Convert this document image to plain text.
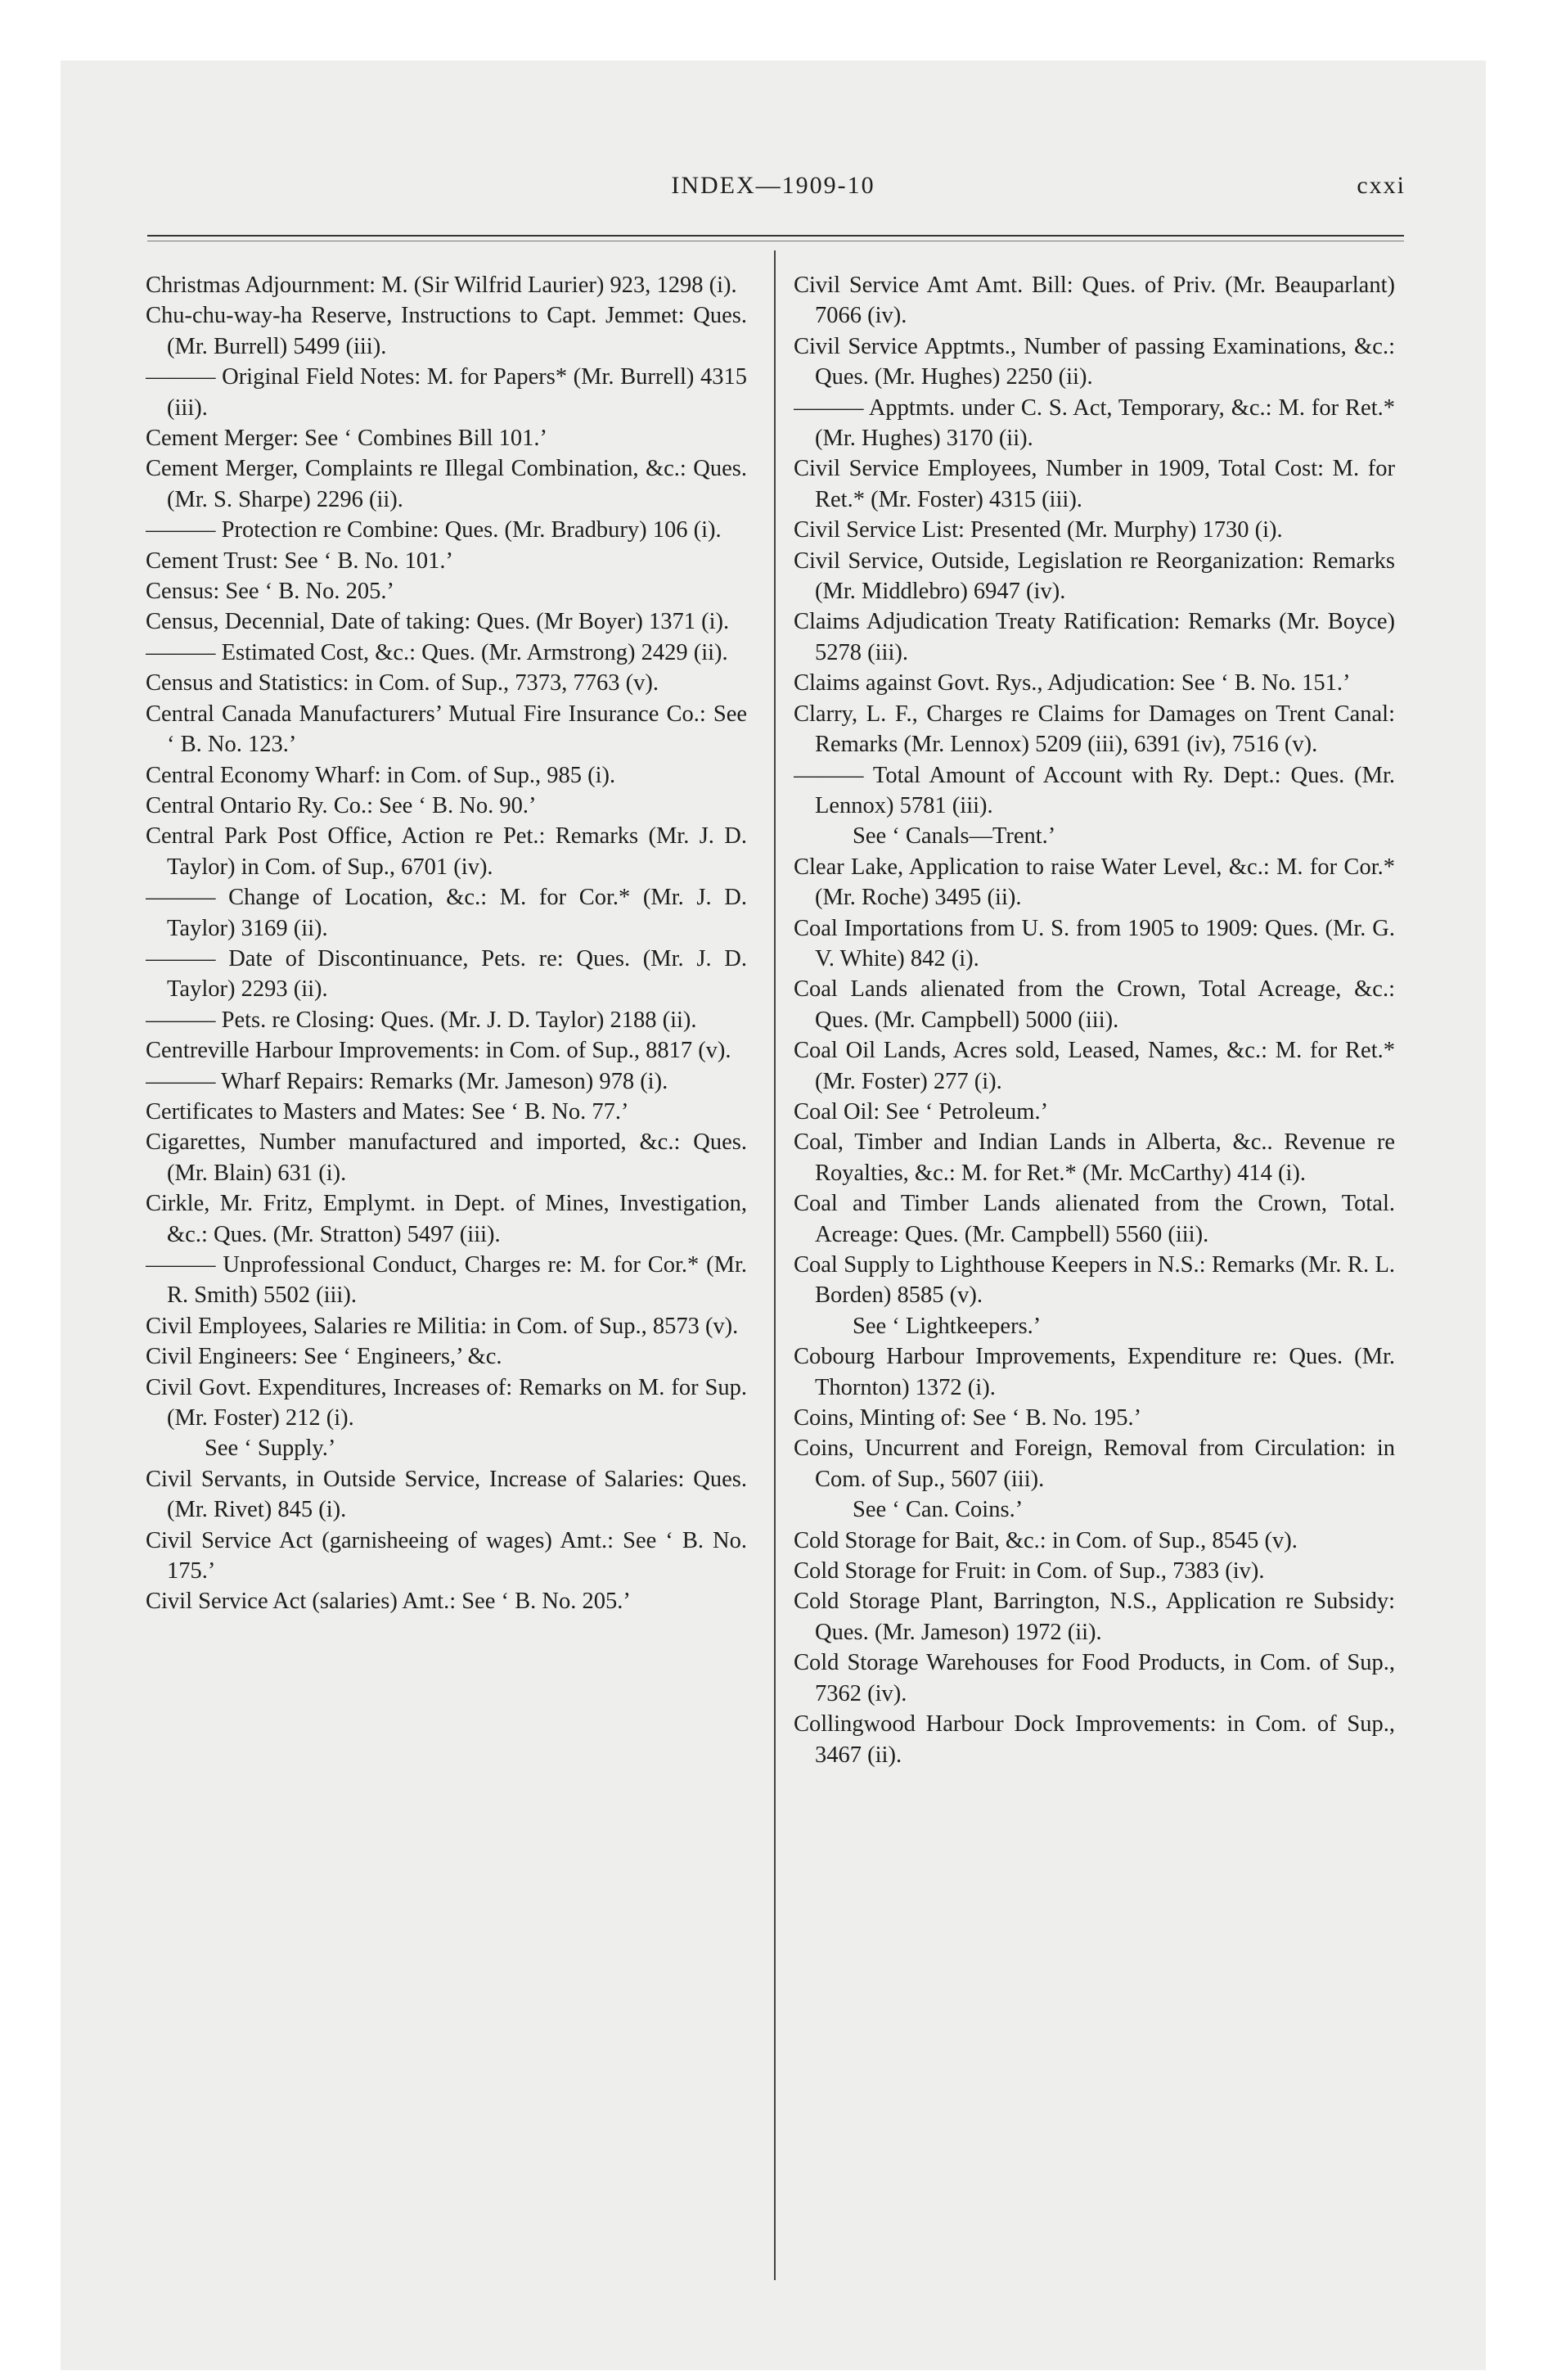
INDEX—1909-10	cxxi

Christmas Adjournment: M. (Sir Wilfrid Laurier) 923, 1298 (i).

Chu-chu-way-ha Reserve, Instructions to Capt. Jemmet: Ques. (Mr. Burrell) 5499 (iii).

——— Original Field Notes: M. for Papers* (Mr. Burrell) 4315 (iii).

Cement Merger: See ‘ Combines Bill 101.’

Cement Merger, Complaints re Illegal Combination, &c.: Ques. (Mr. S. Sharpe) 2296 (ii).

——— Protection re Combine: Ques. (Mr. Bradbury) 106 (i).

Cement Trust: See ‘ B. No. 101.’

Census: See ‘ B. No. 205.’

Census, Decennial, Date of taking: Ques. (Mr Boyer) 1371 (i).

——— Estimated Cost, &c.: Ques. (Mr. Armstrong) 2429 (ii).

Census and Statistics: in Com. of Sup., 7373, 7763 (v).

Central Canada Manufacturers’ Mutual Fire Insurance Co.: See ‘ B. No. 123.’

Central Economy Wharf: in Com. of Sup., 985 (i).

Central Ontario Ry. Co.: See ‘ B. No. 90.’

Central Park Post Office, Action re Pet.: Remarks (Mr. J. D. Taylor) in Com. of Sup., 6701 (iv).

——— Change of Location, &c.: M. for Cor.* (Mr. J. D. Taylor) 3169 (ii).

——— Date of Discontinuance, Pets. re: Ques. (Mr. J. D. Taylor) 2293 (ii).

——— Pets. re Closing: Ques. (Mr. J. D. Taylor) 2188 (ii).

Centreville Harbour Improvements: in Com. of Sup., 8817 (v).

——— Wharf Repairs: Remarks (Mr. Jameson) 978 (i).

Certificates to Masters and Mates: See ‘ B. No. 77.’

Cigarettes, Number manufactured and imported, &c.: Ques. (Mr. Blain) 631 (i).

Cirkle, Mr. Fritz, Emplymt. in Dept. of Mines, Investigation, &c.: Ques. (Mr. Stratton) 5497 (iii).

——— Unprofessional Conduct, Charges re: M. for Cor.* (Mr. R. Smith) 5502 (iii).

Civil Employees, Salaries re Militia: in Com. of Sup., 8573 (v).

Civil Engineers: See ‘ Engineers,’ &c.

Civil Govt. Expenditures, Increases of: Remarks on M. for Sup. (Mr. Foster) 212 (i).

See ‘ Supply.’

Civil Servants, in Outside Service, Increase of Salaries: Ques. (Mr. Rivet) 845 (i).

Civil Service Act (garnisheeing of wages) Amt.: See ‘ B. No. 175.’

Civil Service Act (salaries) Amt.: See ‘ B. No. 205.’

Civil Service Amt Amt. Bill: Ques. of Priv. (Mr. Beauparlant) 7066 (iv).

Civil Service Apptmts., Number of passing Examinations, &c.: Ques. (Mr. Hughes) 2250 (ii).

——— Apptmts. under C. S. Act, Temporary, &c.: M. for Ret.* (Mr. Hughes) 3170 (ii).

Civil Service Employees, Number in 1909, Total Cost: M. for Ret.* (Mr. Foster) 4315 (iii).

Civil Service List: Presented (Mr. Murphy) 1730 (i).

Civil Service, Outside, Legislation re Reorganization: Remarks (Mr. Middlebro) 6947 (iv).

Claims Adjudication Treaty Ratification: Remarks (Mr. Boyce) 5278 (iii).

Claims against Govt. Rys., Adjudication: See ‘ B. No. 151.’

Clarry, L. F., Charges re Claims for Damages on Trent Canal: Remarks (Mr. Lennox) 5209 (iii), 6391 (iv), 7516 (v).

——— Total Amount of Account with Ry. Dept.: Ques. (Mr. Lennox) 5781 (iii).

See ‘ Canals—Trent.’

Clear Lake, Application to raise Water Level, &c.: M. for Cor.* (Mr. Roche) 3495 (ii).

Coal Importations from U. S. from 1905 to 1909: Ques. (Mr. G. V. White) 842 (i).

Coal Lands alienated from the Crown, Total Acreage, &c.: Ques. (Mr. Campbell) 5000 (iii).

Coal Oil Lands, Acres sold, Leased, Names, &c.: M. for Ret.* (Mr. Foster) 277 (i).

Coal Oil: See ‘ Petroleum.’

Coal, Timber and Indian Lands in Alberta, &c.. Revenue re Royalties, &c.: M. for Ret.* (Mr. McCarthy) 414 (i).

Coal and Timber Lands alienated from the Crown, Total. Acreage: Ques. (Mr. Campbell) 5560 (iii).

Coal Supply to Lighthouse Keepers in N.S.: Remarks (Mr. R. L. Borden) 8585 (v).

See ‘ Lightkeepers.’

Cobourg Harbour Improvements, Expenditure re: Ques. (Mr. Thornton) 1372 (i).

Coins, Minting of: See ‘ B. No. 195.’

Coins, Uncurrent and Foreign, Removal from Circulation: in Com. of Sup., 5607 (iii).

See ‘ Can. Coins.’

Cold Storage for Bait, &c.: in Com. of Sup., 8545 (v).

Cold Storage for Fruit: in Com. of Sup., 7383 (iv).

Cold Storage Plant, Barrington, N.S., Application re Subsidy: Ques. (Mr. Jameson) 1972 (ii).

Cold Storage Warehouses for Food Products, in Com. of Sup., 7362 (iv).

Collingwood Harbour Dock Improvements: in Com. of Sup., 3467 (ii).
